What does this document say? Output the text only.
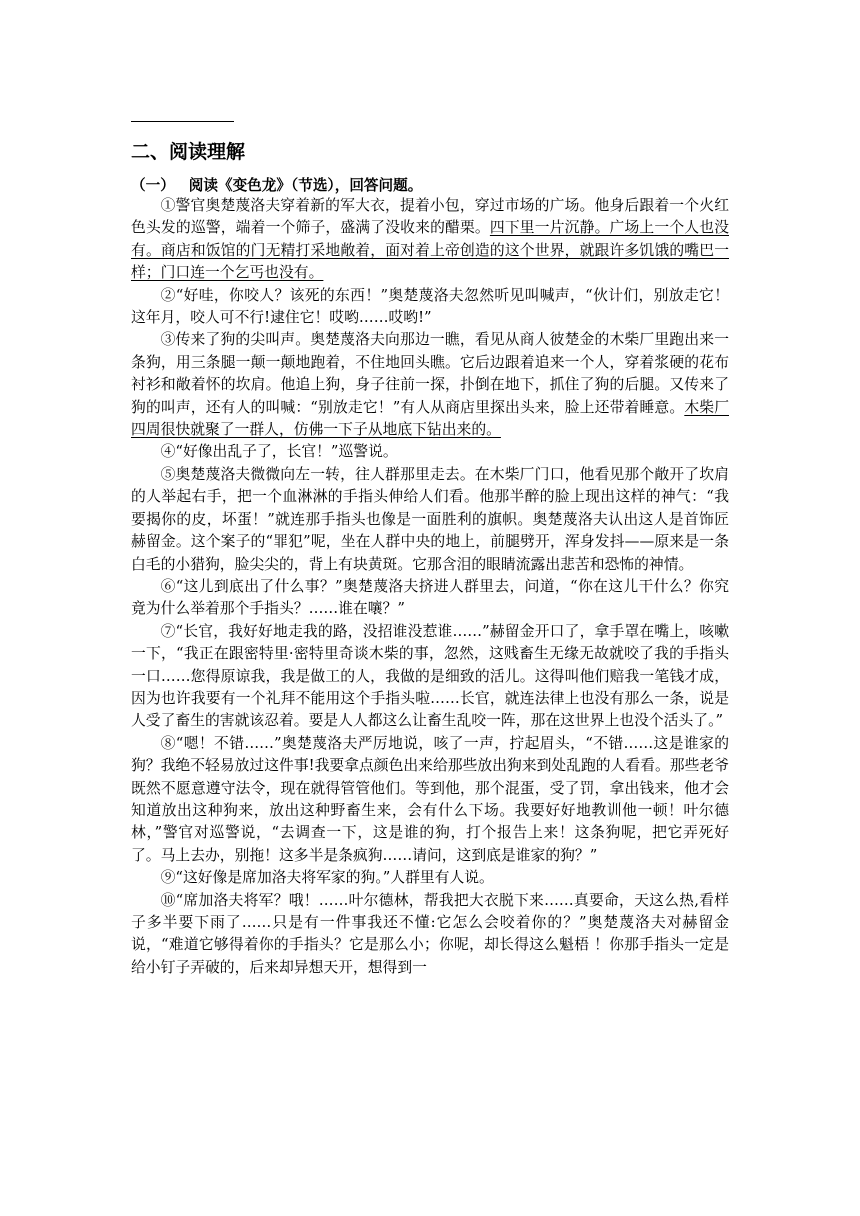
二、阅读理解
（一） 阅读《变色龙》（节选），回答问题。

①警官奥楚蔑洛夫穿着新的军大衣，提着小包，穿过市场的广场。他身后跟着一个火红色头发的巡警，端着一个筛子，盛满了没收来的醋栗。四下里一片沉静。广场上一个人也没有。商店和饭馆的门无精打采地敞着，面对着上帝创造的这个世界，就跟许多饥饿的嘴巴一样；门口连一个乞丐也没有。

②“好哇，你咬人？该死的东西！”奥楚蔑洛夫忽然听见叫喊声，“伙计们，别放走它！这年月，咬人可不行!逮住它！哎哟……哎哟!”

③传来了狗的尖叫声。奥楚蔑洛夫向那边一瞧，看见从商人彼楚金的木柴厂里跑出来一条狗，用三条腿一颠一颠地跑着，不住地回头瞧。它后边跟着追来一个人，穿着浆硬的花布衬衫和敞着怀的坎肩。他追上狗，身子往前一探，扑倒在地下，抓住了狗的后腿。又传来了狗的叫声，还有人的叫喊：“别放走它！”有人从商店里探出头来，脸上还带着睡意。木柴厂四周很快就聚了一群人，仿佛一下子从地底下钻出来的。

④“好像出乱子了，长官！”巡警说。

⑤奥楚蔑洛夫微微向左一转，往人群那里走去。在木柴厂门口，他看见那个敞开了坎肩的人举起右手，把一个血淋淋的手指头伸给人们看。他那半醉的脸上现出这样的神气：“我要揭你的皮，坏蛋！”就连那手指头也像是一面胜利的旗帜。奥楚蔑洛夫认出这人是首饰匠赫留金。这个案子的“罪犯”呢，坐在人群中央的地上，前腿劈开，浑身发抖——原来是一条白毛的小猎狗，脸尖尖的，背上有块黄斑。它那含泪的眼睛流露出悲苦和恐怖的神情。

⑥“这儿到底出了什么事？”奥楚蔑洛夫挤进人群里去，问道，“你在这儿干什么？你究竟为什么举着那个手指头？……谁在嚷？”

⑦“长官，我好好地走我的路，没招谁没惹谁……”赫留金开口了，拿手罩在嘴上，咳嗽一下，“我正在跟密特里·密特里奇谈木柴的事，忽然，这贱畜生无缘无故就咬了我的手指头一口……您得原谅我，我是做工的人，我做的是细致的活儿。这得叫他们赔我一笔钱才成，因为也许我要有一个礼拜不能用这个手指头啦……长官，就连法律上也没有那么一条，说是人受了畜生的害就该忍着。要是人人都这么让畜生乱咬一阵，那在这世界上也没个活头了。”

⑧“嗯！不错……”奥楚蔑洛夫严厉地说，咳了一声，拧起眉头，“不错……这是谁家的狗？我绝不轻易放过这件事!我要拿点颜色出来给那些放出狗来到处乱跑的人看看。那些老爷既然不愿意遵守法令，现在就得管管他们。等到他，那个混蛋，受了罚，拿出钱来，他才会知道放出这种狗来，放出这种野畜生来，会有什么下场。我要好好地教训他一顿！叶尔德林，”警官对巡警说，“去调查一下，这是谁的狗，打个报告上来！这条狗呢，把它弄死好了。马上去办，别拖！这多半是条疯狗……请问，这到底是谁家的狗？”

⑨“这好像是席加洛夫将军家的狗。”人群里有人说。

⑩“席加洛夫将军？哦！……叶尔德林，帮我把大衣脱下来……真要命，天这么热,看样子多半要下雨了……只是有一件事我还不懂:它怎么会咬着你的？”奥楚蔑洛夫对赫留金说，“难道它够得着你的手指头？它是那么小；你呢，却长得这么魁梧 ！你那手指头一定是给小钉子弄破的，后来却异想天开，想得到一
